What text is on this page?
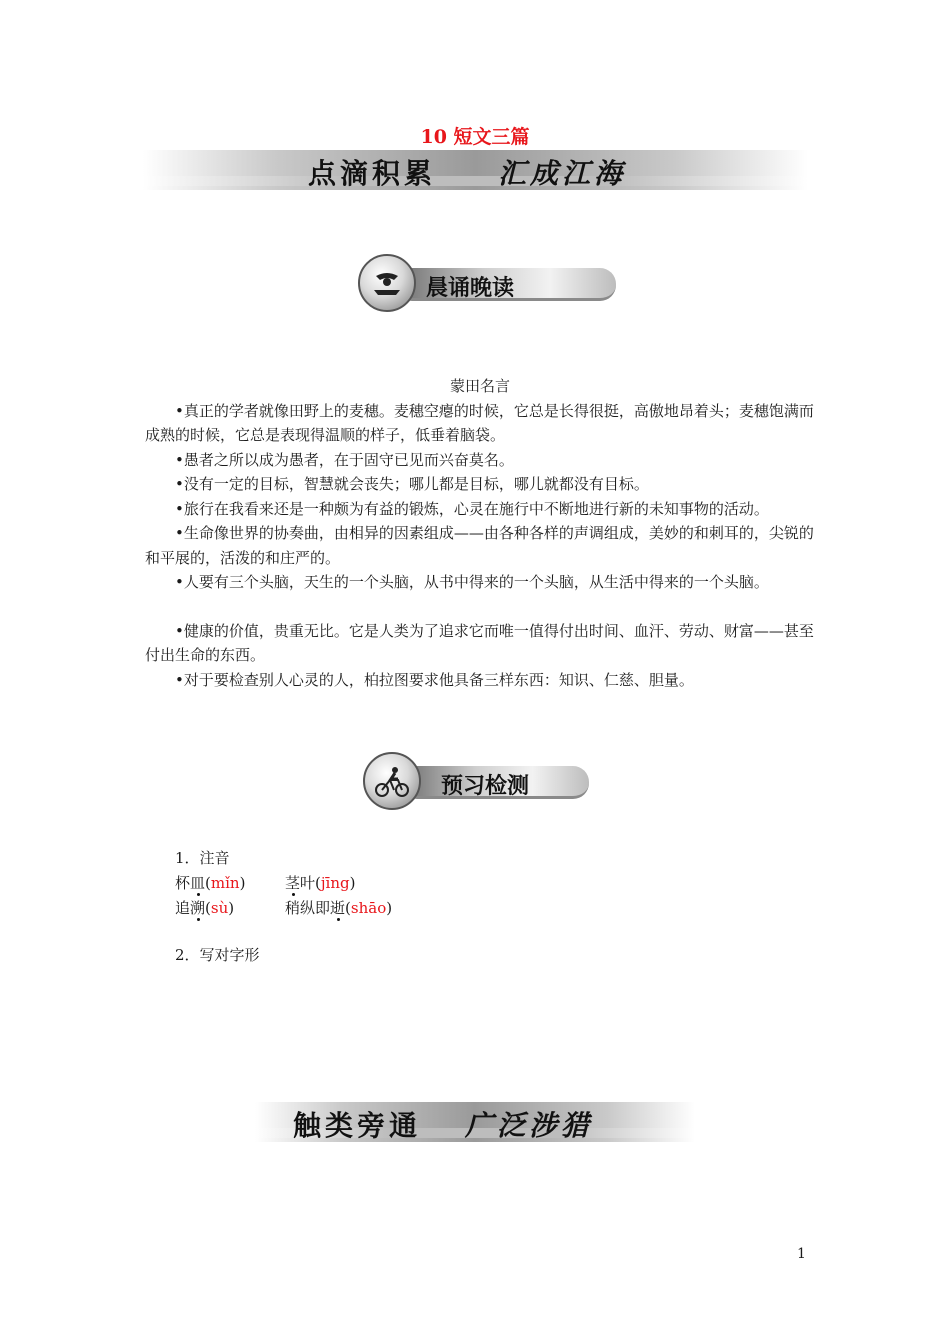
10 短文三篇
点滴积累 汇成江海
晨诵晚读
蒙田名言

•真正的学者就像田野上的麦穗。麦穗空瘪的时候，它总是长得很挺，高傲地昂着头；麦穗饱满而成熟的时候，它总是表现得温顺的样子，低垂着脑袋。

•愚者之所以成为愚者，在于固守已见而兴奋莫名。

•没有一定的目标，智慧就会丧失；哪儿都是目标，哪儿就都没有目标。

•旅行在我看来还是一种颇为有益的锻炼，心灵在施行中不断地进行新的未知事物的活动。

•生命像世界的协奏曲，由相异的因素组成——由各种各样的声调组成，美妙的和刺耳的，尖锐的和平展的，活泼的和庄严的。

•人要有三个头脑，天生的一个头脑，从书中得来的一个头脑，从生活中得来的一个头脑。

•健康的价值，贵重无比。它是人类为了追求它而唯一值得付出时间、血汗、劳动、财富——甚至付出生命的东西。

•对于要检查别人心灵的人，柏拉图要求他具备三样东西：知识、仁慈、胆量。

预习检测
1．注音
杯皿(mǐn)	茎叶(jīng)
追溯(sù)	稍纵即逝(shāo)
2．写对字形
触类旁通 广泛涉猎
1
